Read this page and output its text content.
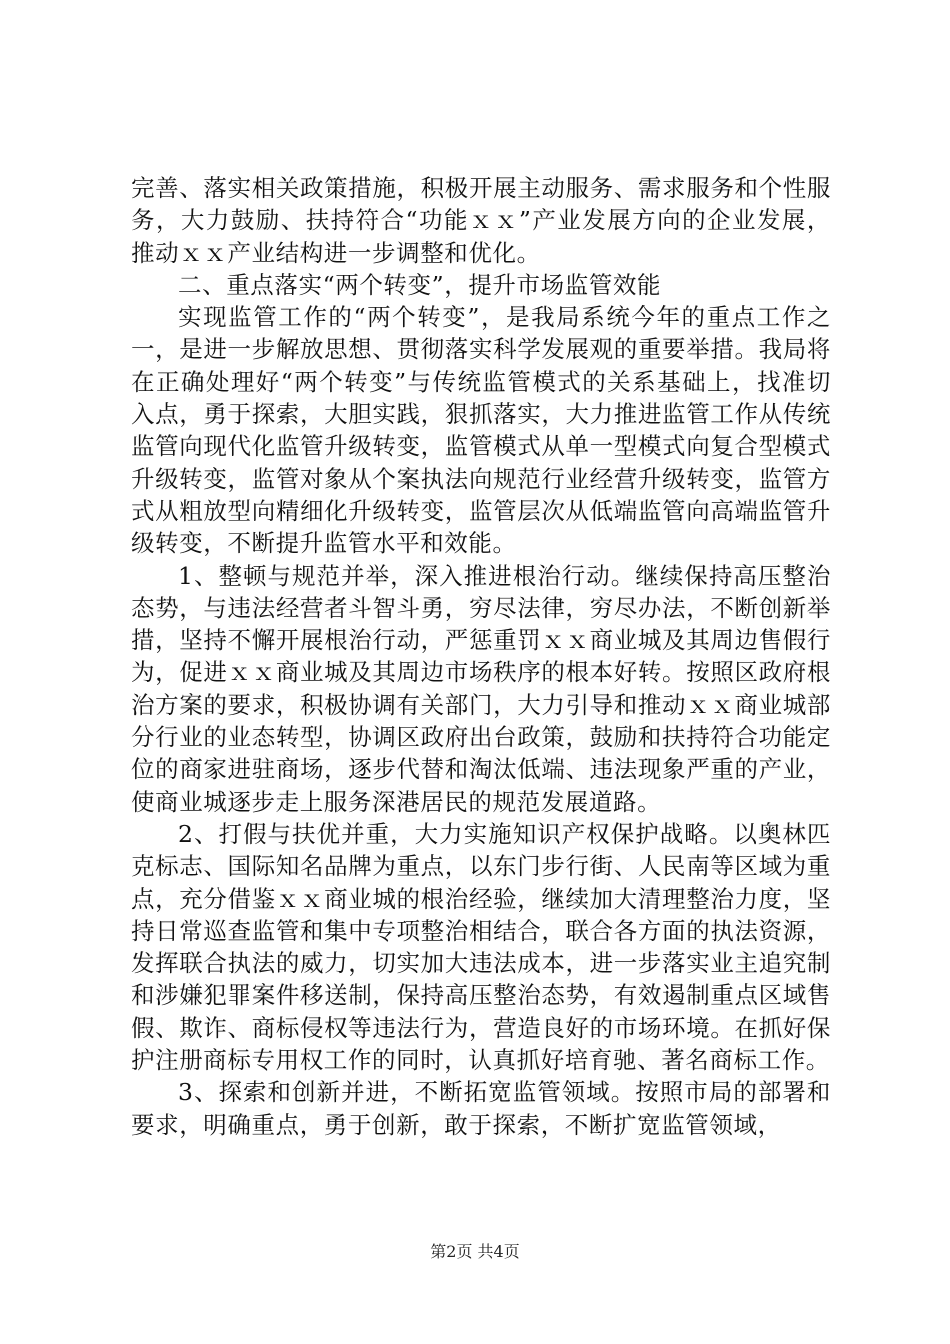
完善、落实相关政策措施，积极开展主动服务、需求服务和个性服务，大力鼓励、扶持符合“功能ｘｘ”产业发展方向的企业发展，推动ｘｘ产业结构进一步调整和优化。

二、重点落实“两个转变”，提升市场监管效能

实现监管工作的“两个转变”，是我局系统今年的重点工作之一，是进一步解放思想、贯彻落实科学发展观的重要举措。我局将在正确处理好“两个转变”与传统监管模式的关系基础上，找准切入点，勇于探索，大胆实践，狠抓落实，大力推进监管工作从传统监管向现代化监管升级转变，监管模式从单一型模式向复合型模式升级转变，监管对象从个案执法向规范行业经营升级转变，监管方式从粗放型向精细化升级转变，监管层次从低端监管向高端监管升级转变，不断提升监管水平和效能。

1、整顿与规范并举，深入推进根治行动。继续保持高压整治态势，与违法经营者斗智斗勇，穷尽法律，穷尽办法，不断创新举措，坚持不懈开展根治行动，严惩重罚ｘｘ商业城及其周边售假行为，促进ｘｘ商业城及其周边市场秩序的根本好转。按照区政府根治方案的要求，积极协调有关部门，大力引导和推动ｘｘ商业城部分行业的业态转型，协调区政府出台政策，鼓励和扶持符合功能定位的商家进驻商场，逐步代替和淘汰低端、违法现象严重的产业，使商业城逐步走上服务深港居民的规范发展道路。

2、打假与扶优并重，大力实施知识产权保护战略。以奥林匹克标志、国际知名品牌为重点，以东门步行街、人民南等区域为重点，充分借鉴ｘｘ商业城的根治经验，继续加大清理整治力度，坚持日常巡查监管和集中专项整治相结合，联合各方面的执法资源，发挥联合执法的威力，切实加大违法成本，进一步落实业主追究制和涉嫌犯罪案件移送制，保持高压整治态势，有效遏制重点区域售假、欺诈、商标侵权等违法行为，营造良好的市场环境。在抓好保护注册商标专用权工作的同时，认真抓好培育驰、著名商标工作。

3、探索和创新并进，不断拓宽监管领域。按照市局的部署和要求，明确重点，勇于创新，敢于探索，不断扩宽监管领域，

第2页 共4页
